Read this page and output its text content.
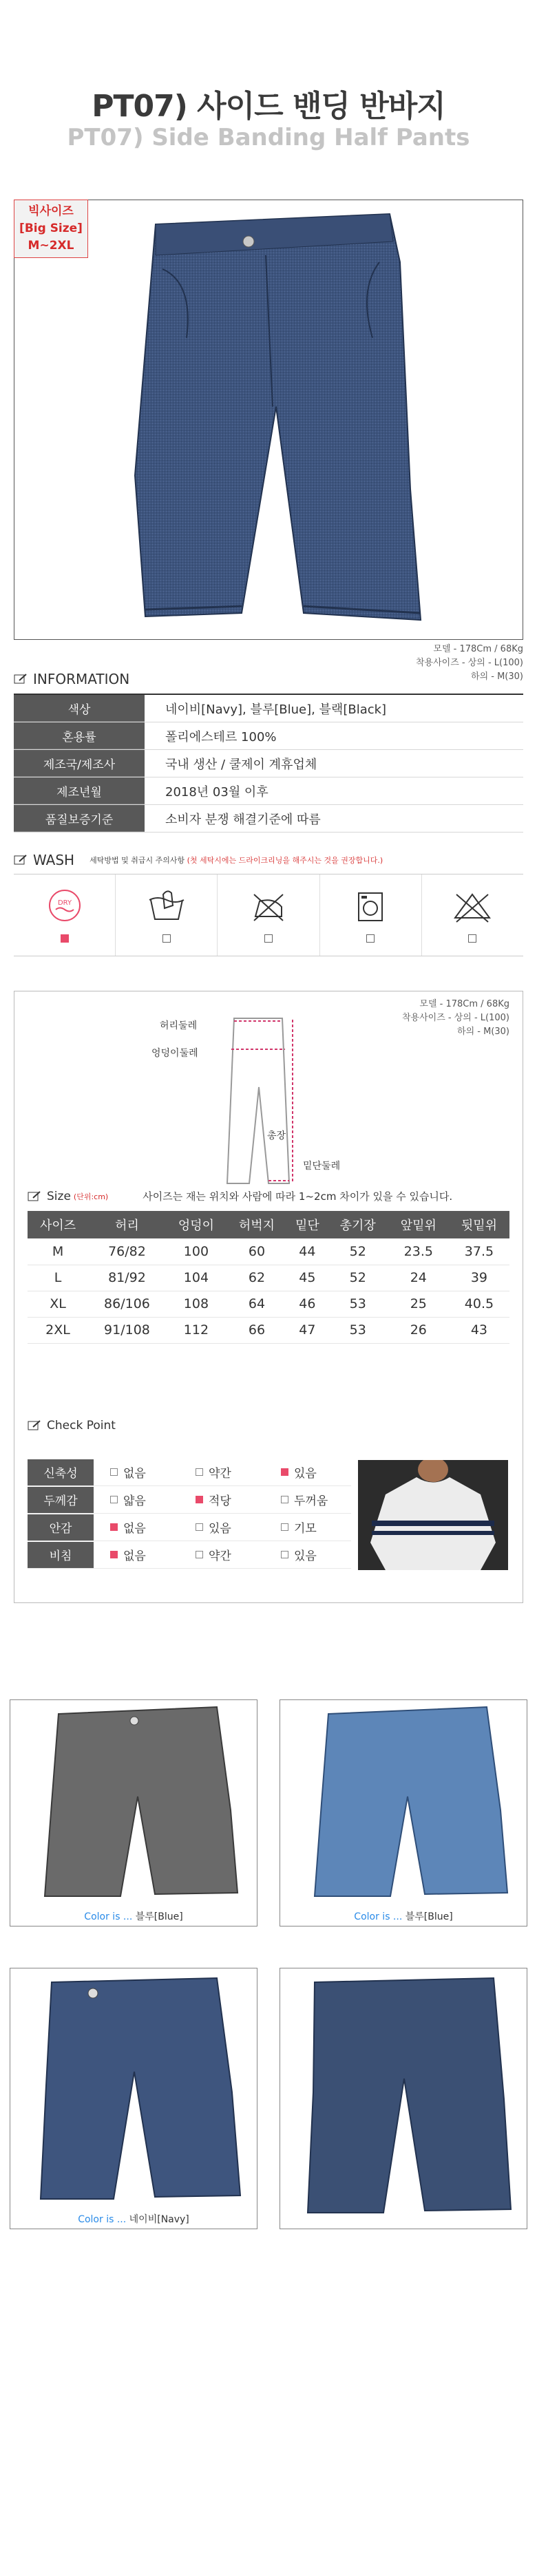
PT07) 사이드 밴딩 반바지
PT07) Side Banding Half Pants
빅사이즈
[Big Size]
M~2XL
모델 - 178Cm / 68Kg
착용사이즈 - 상의 - L(100)
하의 - M(30)
INFORMATION
색상	네이비[Navy], 블루[Blue], 블랙[Black]
혼용률	폴리에스테르 100%
제조국/제조사	국내 생산 / 쿨제이 계휴업체
제조년월	2018년 03월 이후
품질보증기준	소비자 분쟁 해결기준에 따름
WASH 세탁방법 및 취급시 주의사항 (첫 세탁시에는 드라이크리닝을 해주시는 것을 권장합니다.)
DRY
모델 - 178Cm / 68Kg
착용사이즈 - 상의 - L(100)
하의 - M(30)
허리둘레
엉덩이둘레
총장
밑단둘레
Size (단위:cm)	사이즈는 재는 위치와 사람에 따라 1~2cm 차이가 있을 수 있습니다.
사이즈	허리	엉덩이	허벅지	밑단	총기장	앞밑위	뒷밑위
M	76/82	100	60	44	52	23.5	37.5
L	81/92	104	62	45	52	24	39
XL	86/106	108	64	46	53	25	40.5
2XL	91/108	112	66	47	53	26	43
Check Point
신축성	없음	약간	있음
두께감	얇음	적당	두꺼움
안감	없음	있음	기모
비침	없음	약간	있음
Color is ... 블루[Blue]	Color is ... 블루[Blue]
Color is ... 네이비[Navy]
